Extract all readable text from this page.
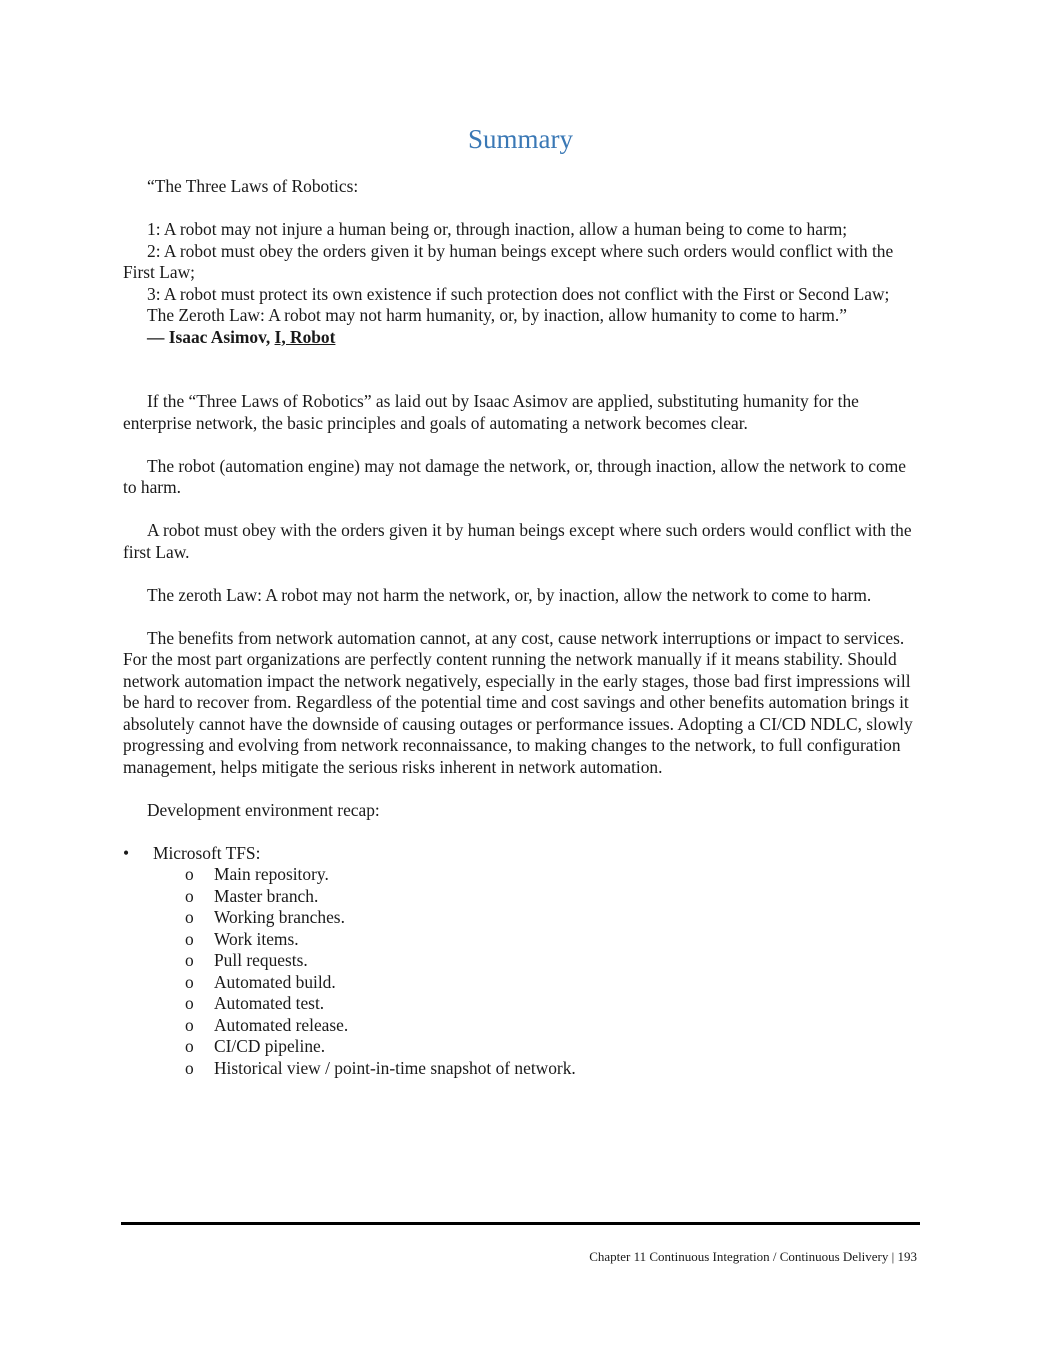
Summary

“The Three Laws of Robotics:

1: A robot may not injure a human being or, through inaction, allow a human being to come to harm;

2: A robot must obey the orders given it by human beings except where such orders would conflict with the First Law;

3: A robot must protect its own existence if such protection does not conflict with the First or Second Law;

The Zeroth Law: A robot may not harm humanity, or, by inaction, allow humanity to come to harm.”

— Isaac Asimov, I, Robot

If the “Three Laws of Robotics” as laid out by Isaac Asimov are applied, substituting humanity for the enterprise network, the basic principles and goals of automating a network becomes clear.

The robot (automation engine) may not damage the network, or, through inaction, allow the network to come to harm.

A robot must obey with the orders given it by human beings except where such orders would conflict with the first Law.

The zeroth Law: A robot may not harm the network, or, by inaction, allow the network to come to harm.

The benefits from network automation cannot, at any cost, cause network interruptions or impact to services. For the most part organizations are perfectly content running the network manually if it means stability. Should network automation impact the network negatively, especially in the early stages, those bad first impressions will be hard to recover from. Regardless of the potential time and cost savings and other benefits automation brings it absolutely cannot have the downside of causing outages or performance issues. Adopting a CI/CD NDLC, slowly progressing and evolving from network reconnaissance, to making changes to the network, to full configuration management, helps mitigate the serious risks inherent in network automation.

Development environment recap:

•	Microsoft TFS:
o	Main repository.
o	Master branch.
o	Working branches.
o	Work items.
o	Pull requests.
o	Automated build.
o	Automated test.
o	Automated release.
o	CI/CD pipeline.
o	Historical view / point-in-time snapshot of network.
Chapter 11 Continuous Integration / Continuous Delivery | 193
